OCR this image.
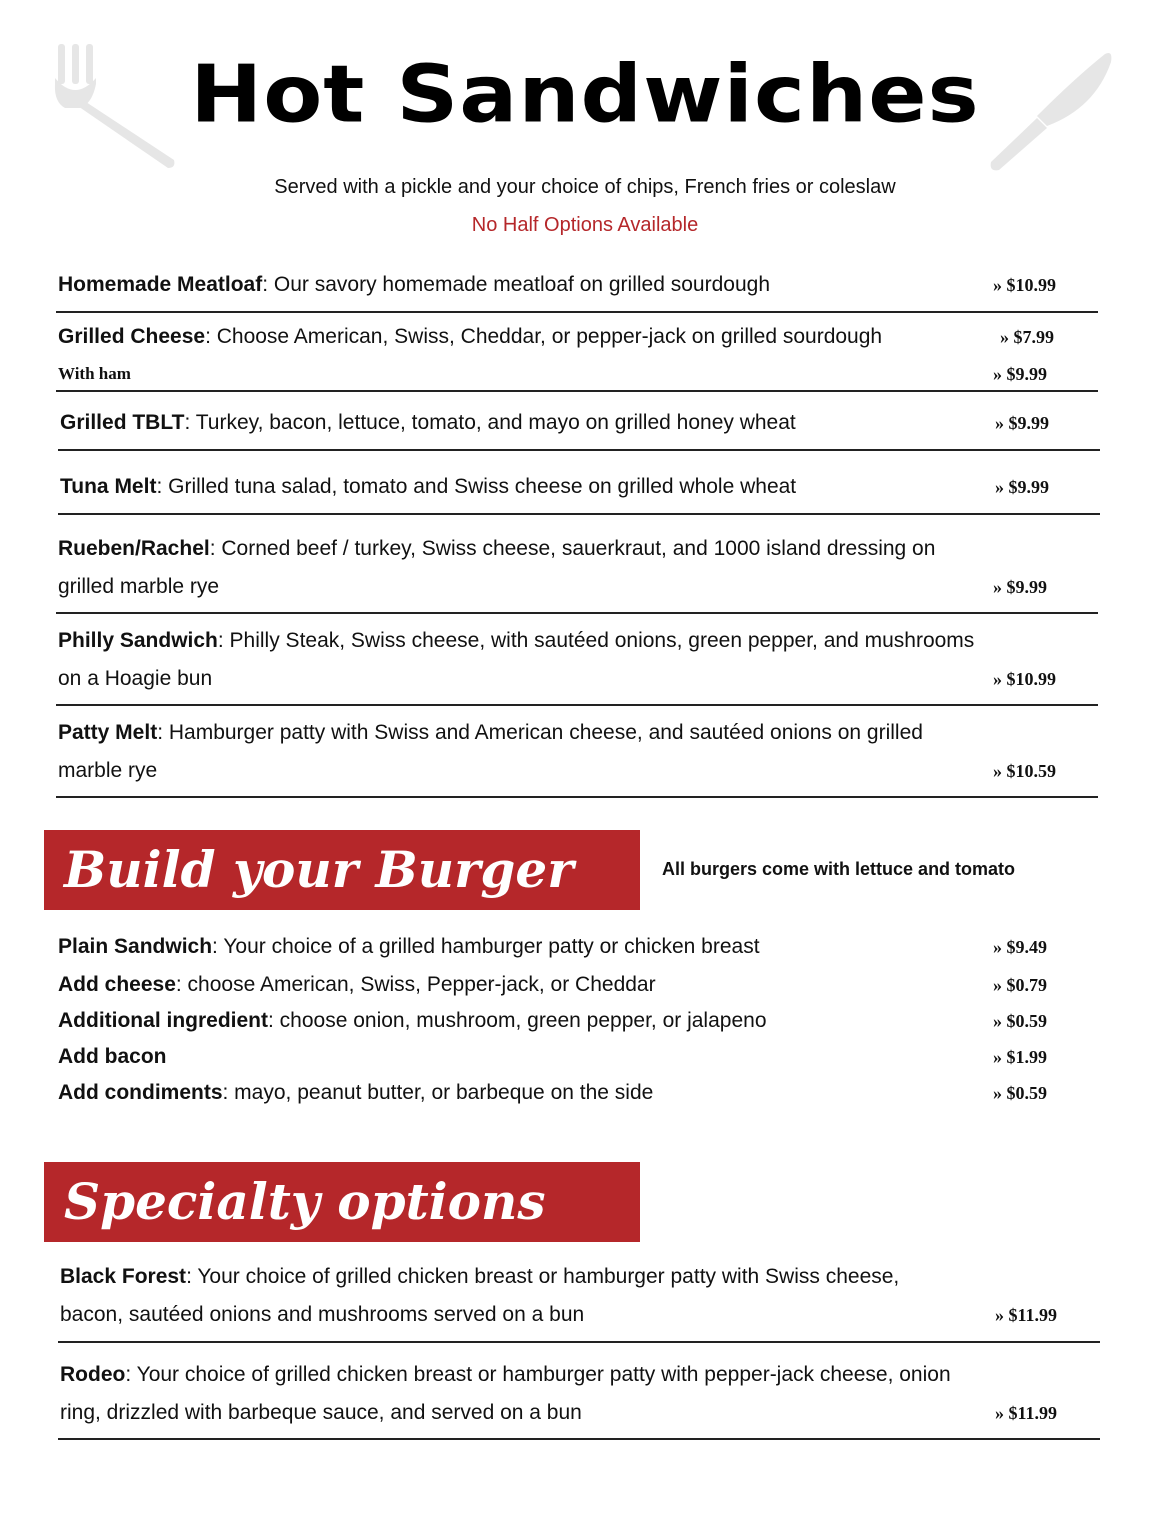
Hot Sandwiches
Served with a pickle and your choice of chips, French fries or coleslaw
No Half Options Available
Homemade Meatloaf: Our savory homemade meatloaf on grilled sourdough	» $10.99
Grilled Cheese: Choose American, Swiss, Cheddar, or pepper-jack on grilled sourdough	» $7.99
With ham	» $9.99
Grilled TBLT: Turkey, bacon, lettuce, tomato, and mayo on grilled honey wheat	» $9.99
Tuna Melt: Grilled tuna salad, tomato and Swiss cheese on grilled whole wheat	» $9.99
Rueben/Rachel: Corned beef / turkey, Swiss cheese, sauerkraut, and 1000 island dressing on
grilled marble rye	» $9.99
Philly Sandwich: Philly Steak, Swiss cheese, with sautéed onions, green pepper, and mushrooms
on a Hoagie bun	» $10.99
Patty Melt: Hamburger patty with Swiss and American cheese, and sautéed onions on grilled
marble rye	» $10.59
Build your Burger	All burgers come with lettuce and tomato
Plain Sandwich: Your choice of a grilled hamburger patty or chicken breast	» $9.49
Add cheese: choose American, Swiss, Pepper-jack, or Cheddar	» $0.79
Additional ingredient: choose onion, mushroom, green pepper, or jalapeno	» $0.59
Add bacon	» $1.99
Add condiments: mayo, peanut butter, or barbeque on the side	» $0.59
Specialty options
Black Forest: Your choice of grilled chicken breast or hamburger patty with Swiss cheese,
bacon, sautéed onions and mushrooms served on a bun	» $11.99
Rodeo: Your choice of grilled chicken breast or hamburger patty with pepper-jack cheese, onion
ring, drizzled with barbeque sauce, and served on a bun	» $11.99
